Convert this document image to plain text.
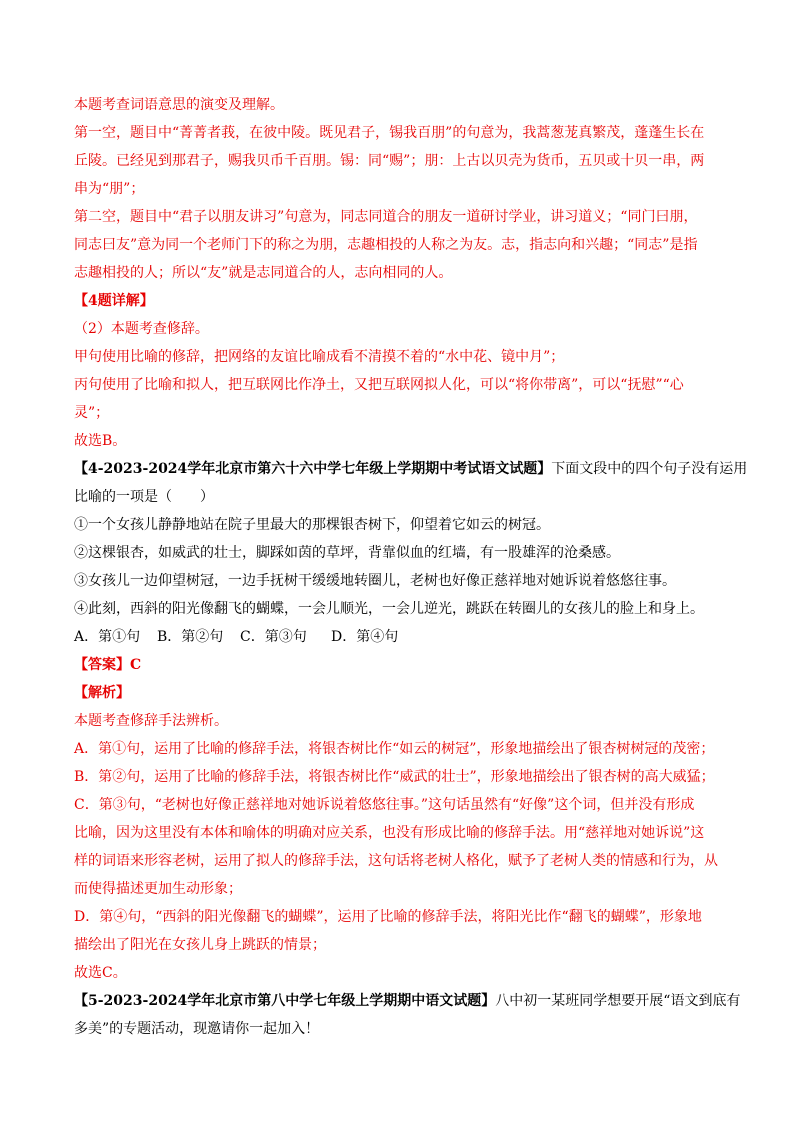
本题考查词语意思的演变及理解。
第一空，题目中“菁菁者莪，在彼中陵。既见君子，锡我百朋”的句意为，我蒿葱茏真繁茂，蓬蓬生长在
丘陵。已经见到那君子，赐我贝币千百朋。锡：同“赐”；朋：上古以贝壳为货币，五贝或十贝一串，两
串为“朋”；
第二空，题目中“君子以朋友讲习”句意为，同志同道合的朋友一道研讨学业，讲习道义；“同门曰朋，
同志曰友”意为同一个老师门下的称之为朋，志趣相投的人称之为友。志，指志向和兴趣；“同志”是指
志趣相投的人；所以“友”就是志同道合的人，志向相同的人。
【4题详解】
（2）本题考查修辞。
甲句使用比喻的修辞，把网络的友谊比喻成看不清摸不着的“水中花、镜中月”；
丙句使用了比喻和拟人，把互联网比作净土，又把互联网拟人化，可以“将你带离”，可以“抚慰”“心
灵”；
故选B。
【4-2023-2024学年北京市第六十六中学七年级上学期期中考试语文试题】下面文段中的四个句子没有运用
比喻的一项是（　　）
①一个女孩儿静静地站在院子里最大的那棵银杏树下，仰望着它如云的树冠。
②这棵银杏，如威武的壮士，脚踩如茵的草坪，背靠似血的红墙，有一股雄浑的沧桑感。
③女孩儿一边仰望树冠，一边手抚树干缓缓地转圈儿，老树也好像正慈祥地对她诉说着悠悠往事。
④此刻，西斜的阳光像翻飞的蝴蝶，一会儿顺光，一会儿逆光，跳跃在转圈儿的女孩儿的脸上和身上。
A．第①句 B．第②句 C．第③句 D．第④句
【答案】C
【解析】
本题考查修辞手法辨析。
A．第①句，运用了比喻的修辞手法，将银杏树比作“如云的树冠”，形象地描绘出了银杏树树冠的茂密；
B．第②句，运用了比喻的修辞手法，将银杏树比作“威武的壮士”，形象地描绘出了银杏树的高大威猛；
C．第③句，“老树也好像正慈祥地对她诉说着悠悠往事。”这句话虽然有“好像”这个词，但并没有形成
比喻，因为这里没有本体和喻体的明确对应关系，也没有形成比喻的修辞手法。用“慈祥地对她诉说”这
样的词语来形容老树，运用了拟人的修辞手法，这句话将老树人格化，赋予了老树人类的情感和行为，从
而使得描述更加生动形象；
D．第④句，“西斜的阳光像翻飞的蝴蝶”，运用了比喻的修辞手法，将阳光比作“翻飞的蝴蝶”，形象地
描绘出了阳光在女孩儿身上跳跃的情景；
故选C。
【5-2023-2024学年北京市第八中学七年级上学期期中语文试题】八中初一某班同学想要开展“语文到底有
多美”的专题活动，现邀请你一起加入！
